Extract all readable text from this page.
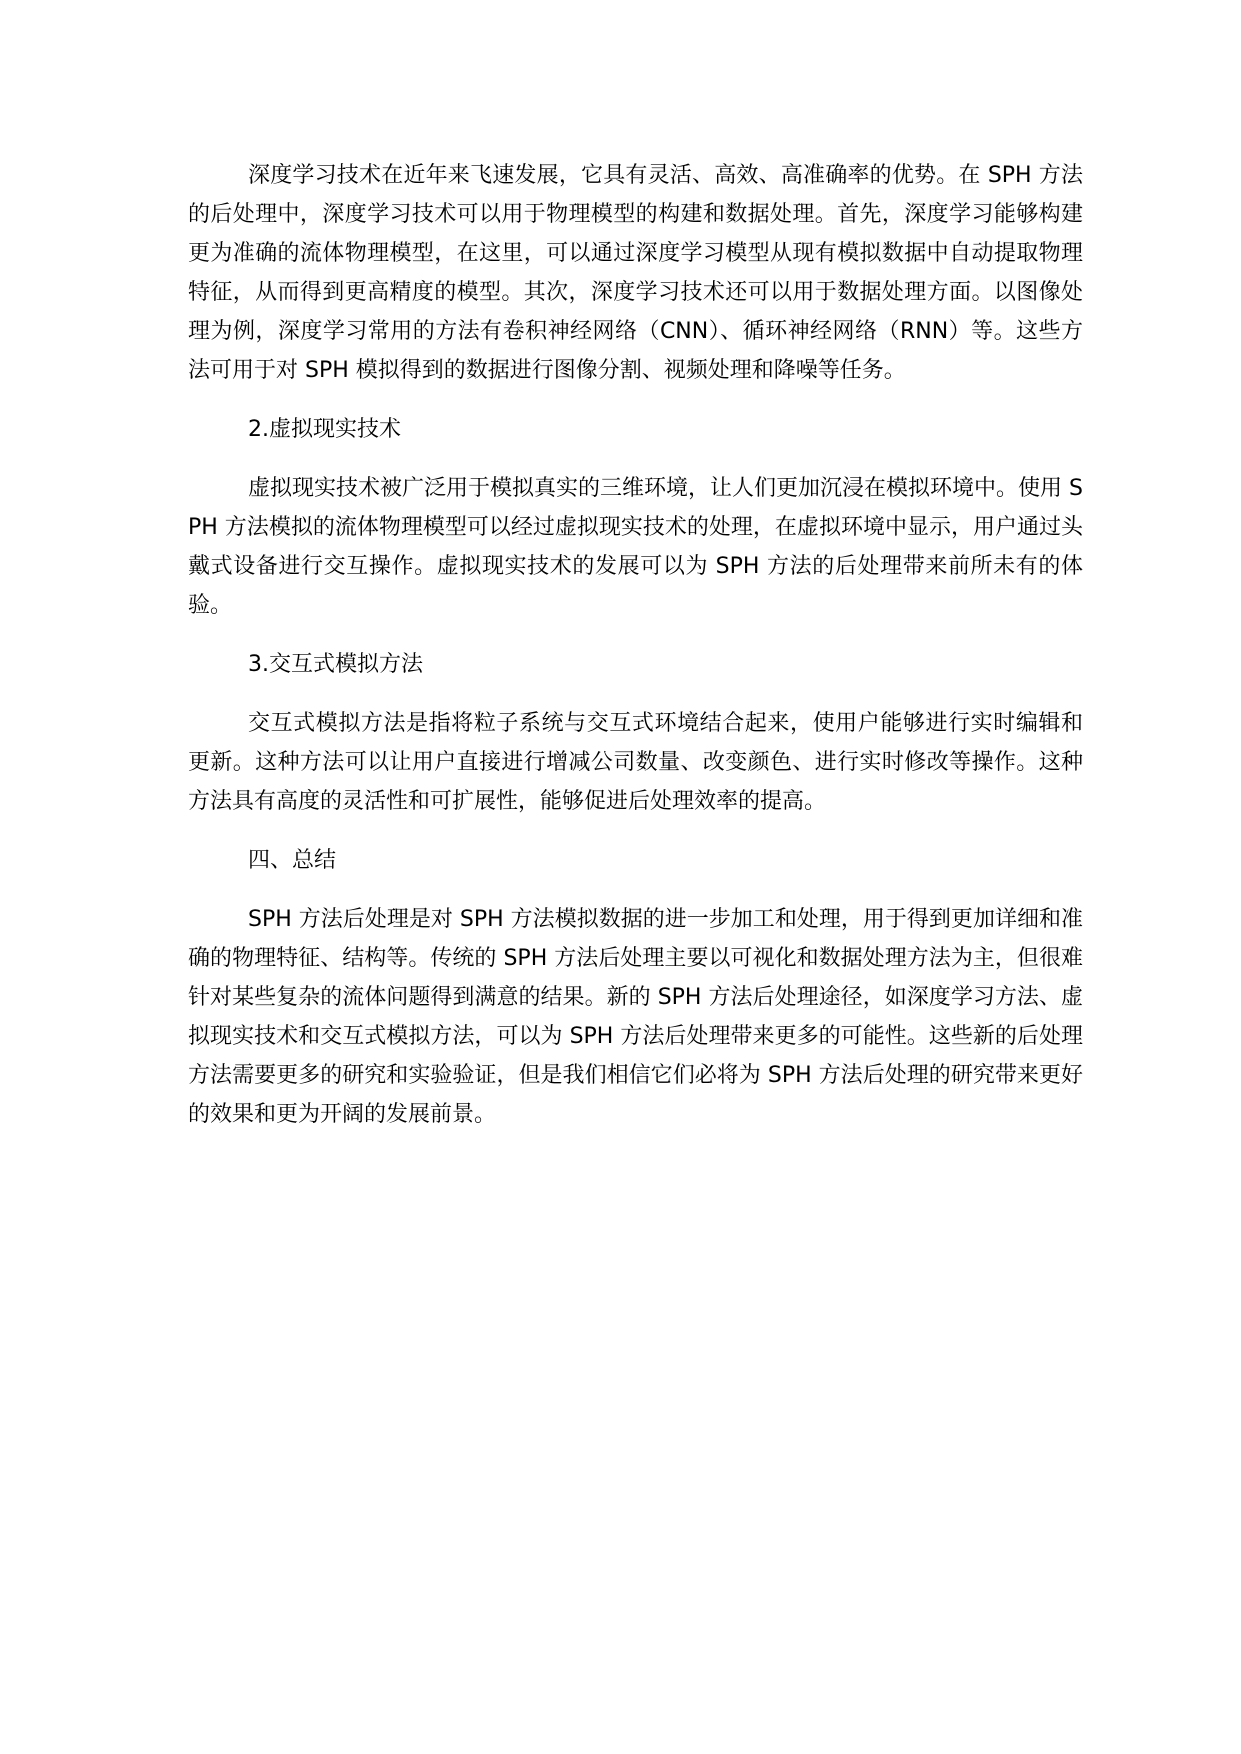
深度学习技术在近年来飞速发展，它具有灵活、高效、高准确率的优势。在 SPH 方法的后处理中，深度学习技术可以用于物理模型的构建和数据处理。首先，深度学习能够构建更为准确的流体物理模型，在这里，可以通过深度学习模型从现有模拟数据中自动提取物理特征，从而得到更高精度的模型。其次，深度学习技术还可以用于数据处理方面。以图像处理为例，深度学习常用的方法有卷积神经网络（CNN）、循环神经网络（RNN）等。这些方法可用于对 SPH 模拟得到的数据进行图像分割、视频处理和降噪等任务。

2.虚拟现实技术

虚拟现实技术被广泛用于模拟真实的三维环境，让人们更加沉浸在模拟环境中。使用 SPH 方法模拟的流体物理模型可以经过虚拟现实技术的处理，在虚拟环境中显示，用户通过头戴式设备进行交互操作。虚拟现实技术的发展可以为 SPH 方法的后处理带来前所未有的体验。

3.交互式模拟方法

交互式模拟方法是指将粒子系统与交互式环境结合起来，使用户能够进行实时编辑和更新。这种方法可以让用户直接进行增减公司数量、改变颜色、进行实时修改等操作。这种方法具有高度的灵活性和可扩展性，能够促进后处理效率的提高。

四、总结

SPH 方法后处理是对 SPH 方法模拟数据的进一步加工和处理，用于得到更加详细和准确的物理特征、结构等。传统的 SPH 方法后处理主要以可视化和数据处理方法为主，但很难针对某些复杂的流体问题得到满意的结果。新的 SPH 方法后处理途径，如深度学习方法、虚拟现实技术和交互式模拟方法，可以为 SPH 方法后处理带来更多的可能性。这些新的后处理方法需要更多的研究和实验验证，但是我们相信它们必将为 SPH 方法后处理的研究带来更好的效果和更为开阔的发展前景。
